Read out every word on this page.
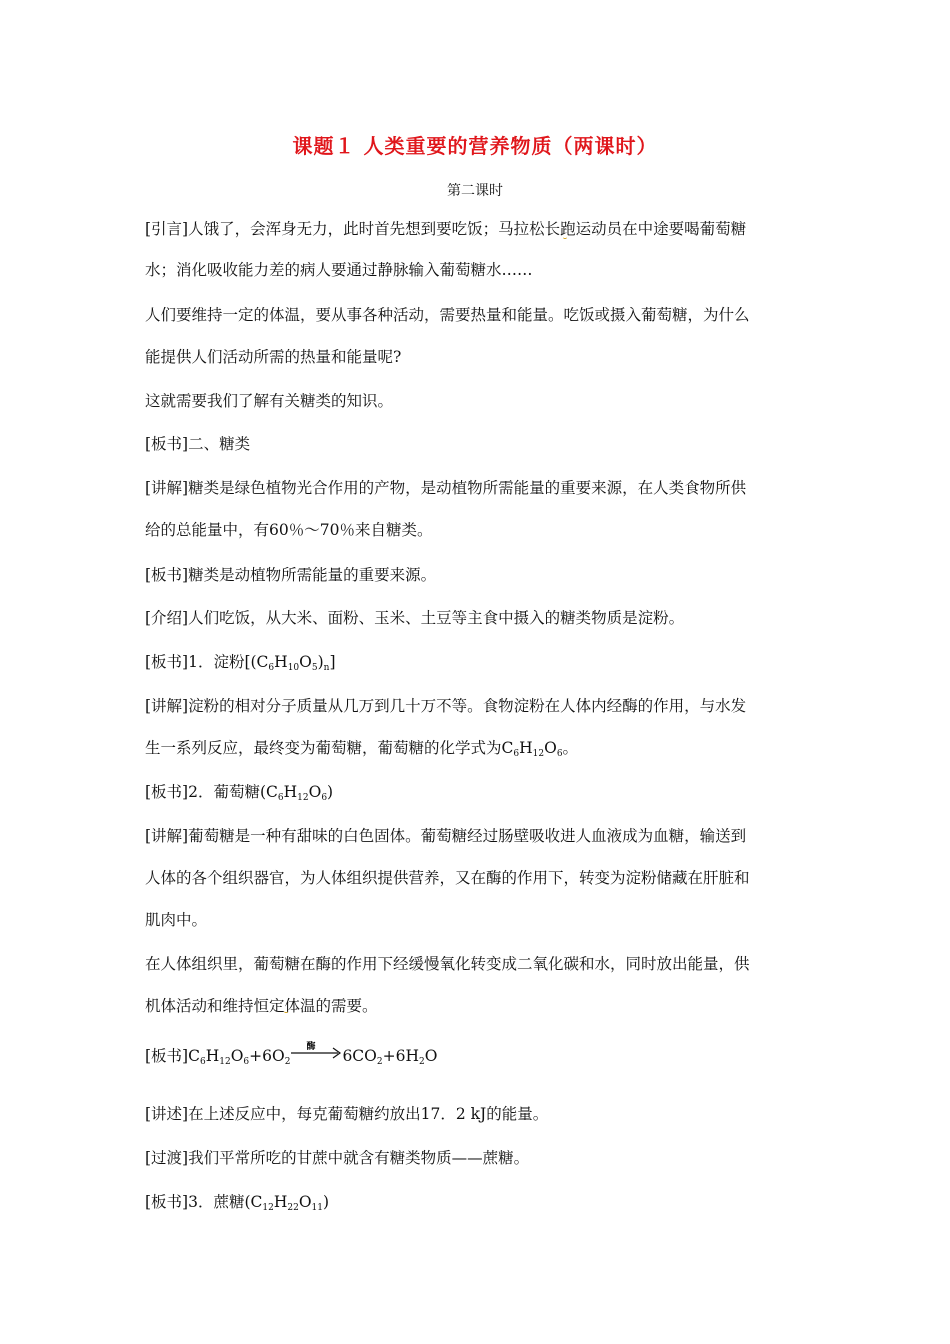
课题１ 人类重要的营养物质（两课时）
第二课时
[引言]人饿了，会浑身无力，此时首先想到要吃饭；马拉松长跑运动员在中途要喝葡萄糖
水；消化吸收能力差的病人要通过静脉输入葡萄糖水……
人们要维持一定的体温，要从事各种活动，需要热量和能量。吃饭或摄入葡萄糖，为什么
能提供人们活动所需的热量和能量呢?
这就需要我们了解有关糖类的知识。
[板书]二、糖类
[讲解]糖类是绿色植物光合作用的产物，是动植物所需能量的重要来源，在人类食物所供
给的总能量中，有60％～70％来自糖类。
[板书]糖类是动植物所需能量的重要来源。
[介绍]人们吃饭，从大米、面粉、玉米、土豆等主食中摄入的糖类物质是淀粉。
[板书]1．淀粉$[(C_6H_{10}O_5)_n]$
[讲解]淀粉的相对分子质量从几万到几十万不等。食物淀粉在人体内经酶的作用，与水发
生一系列反应，最终变为葡萄糖，葡萄糖的化学式为$C_6H_{12}O_6$。
[板书]2．葡萄糖$(C_6H_{12}O_6)$
[讲解]葡萄糖是一种有甜味的白色固体。葡萄糖经过肠壁吸收进人血液成为血糖，输送到
人体的各个组织器官，为人体组织提供营养，又在酶的作用下，转变为淀粉储藏在肝脏和
肌肉中。
在人体组织里，葡萄糖在酶的作用下经缓慢氧化转变成二氧化碳和水，同时放出能量，供
机体活动和维持恒定体温的需要。
[板书]$C_6H_{12}O_6+6O_2$
酶 $6CO_2+6H_2O$
[讲述]在上述反应中，每克葡萄糖约放出17．2 kJ的能量。
[过渡]我们平常所吃的甘蔗中就含有糖类物质——蔗糖。
[板书]3．蔗糖$(C_{12}H_{22}O_{11})$
